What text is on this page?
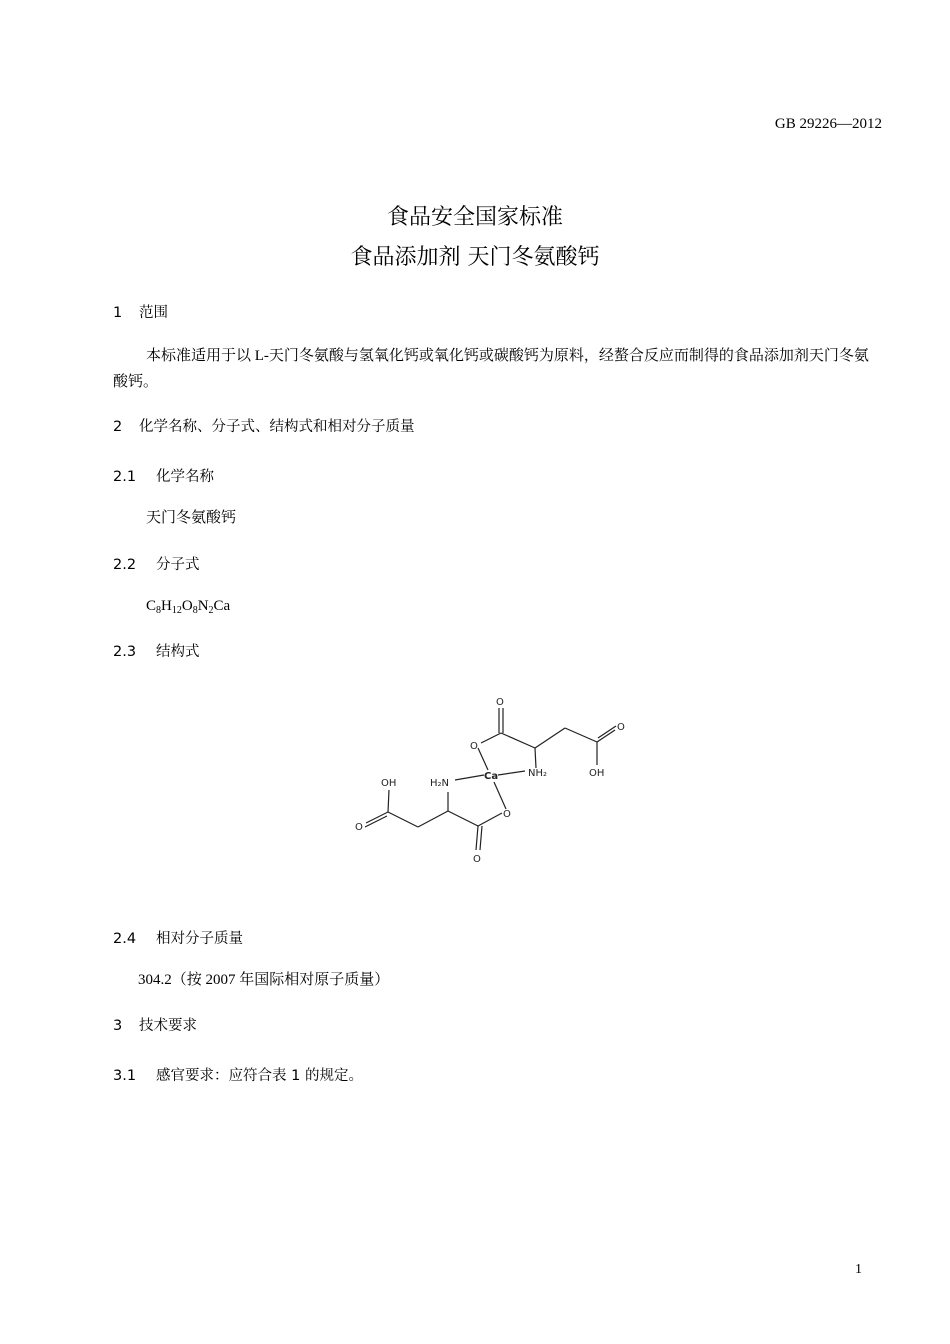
GB 29226—2012
食品安全国家标准
食品添加剂 天门冬氨酸钙
1 范围
本标准适用于以 L-天门冬氨酸与氢氧化钙或氧化钙或碳酸钙为原料，经螯合反应而制得的食品添加剂天门冬氨酸钙。
2 化学名称、分子式、结构式和相对分子质量
2.1 化学名称
天门冬氨酸钙
2.2 分子式
$C_8H_{12}O_8N_2Ca$
2.3 结构式
O
O
O
OH
Ca
H₂N
NH₂
OH
O
O
O
2.4 相对分子质量
304.2（按 2007 年国际相对原子质量）
3 技术要求
3.1 感官要求：应符合表 1 的规定。
1
